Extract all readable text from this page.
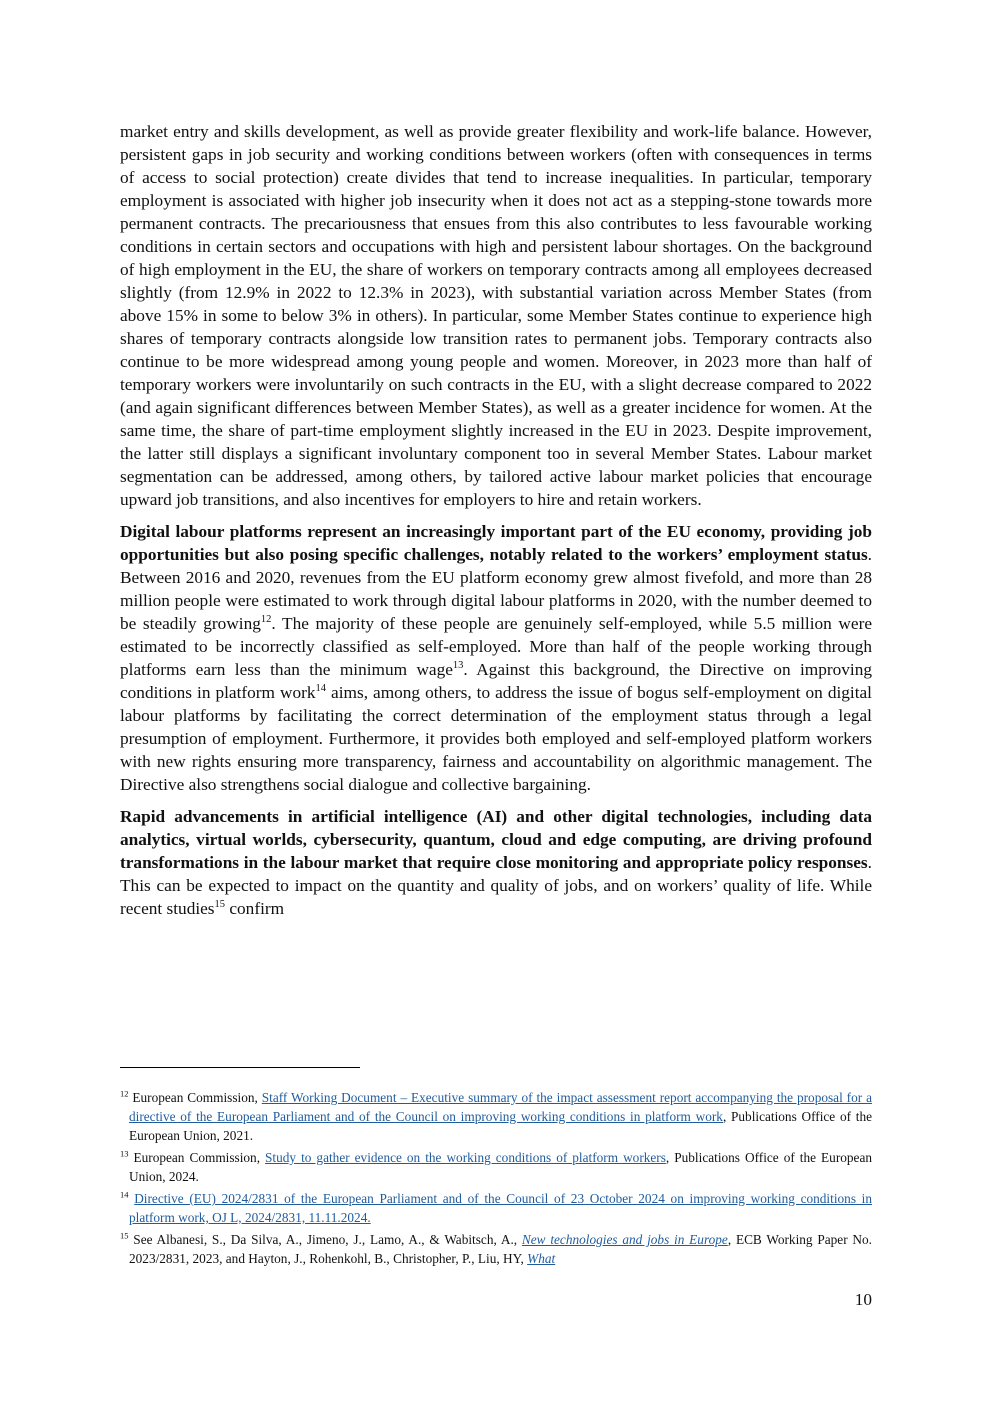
market entry and skills development, as well as provide greater flexibility and work-life balance. However, persistent gaps in job security and working conditions between workers (often with consequences in terms of access to social protection) create divides that tend to increase inequalities. In particular, temporary employment is associated with higher job insecurity when it does not act as a stepping-stone towards more permanent contracts. The precariousness that ensues from this also contributes to less favourable working conditions in certain sectors and occupations with high and persistent labour shortages. On the background of high employment in the EU, the share of workers on temporary contracts among all employees decreased slightly (from 12.9% in 2022 to 12.3% in 2023), with substantial variation across Member States (from above 15% in some to below 3% in others). In particular, some Member States continue to experience high shares of temporary contracts alongside low transition rates to permanent jobs. Temporary contracts also continue to be more widespread among young people and women. Moreover, in 2023 more than half of temporary workers were involuntarily on such contracts in the EU, with a slight decrease compared to 2022 (and again significant differences between Member States), as well as a greater incidence for women. At the same time, the share of part-time employment slightly increased in the EU in 2023. Despite improvement, the latter still displays a significant involuntary component too in several Member States. Labour market segmentation can be addressed, among others, by tailored active labour market policies that encourage upward job transitions, and also incentives for employers to hire and retain workers.

Digital labour platforms represent an increasingly important part of the EU economy, providing job opportunities but also posing specific challenges, notably related to the workers’ employment status. Between 2016 and 2020, revenues from the EU platform economy grew almost fivefold, and more than 28 million people were estimated to work through digital labour platforms in 2020, with the number deemed to be steadily growing$^{12}$. The majority of these people are genuinely self-employed, while 5.5 million were estimated to be incorrectly classified as self-employed. More than half of the people working through platforms earn less than the minimum wage$^{13}$. Against this background, the Directive on improving conditions in platform work$^{14}$ aims, among others, to address the issue of bogus self-employment on digital labour platforms by facilitating the correct determination of the employment status through a legal presumption of employment. Furthermore, it provides both employed and self-employed platform workers with new rights ensuring more transparency, fairness and accountability on algorithmic management. The Directive also strengthens social dialogue and collective bargaining.

Rapid advancements in artificial intelligence (AI) and other digital technologies, including data analytics, virtual worlds, cybersecurity, quantum, cloud and edge computing, are driving profound transformations in the labour market that require close monitoring and appropriate policy responses. This can be expected to impact on the quantity and quality of jobs, and on workers’ quality of life. While recent studies$^{15}$ confirm

$^{12}$ European Commission, Staff Working Document – Executive summary of the impact assessment report accompanying the proposal for a directive of the European Parliament and of the Council on improving working conditions in platform work, Publications Office of the European Union, 2021.

$^{13}$ European Commission, Study to gather evidence on the working conditions of platform workers, Publications Office of the European Union, 2024.

$^{14}$ Directive (EU) 2024/2831 of the European Parliament and of the Council of 23 October 2024 on improving working conditions in platform work, OJ L, 2024/2831, 11.11.2024.

$^{15}$ See Albanesi, S., Da Silva, A., Jimeno, J., Lamo, A., & Wabitsch, A., New technologies and jobs in Europe, ECB Working Paper No. 2023/2831, 2023, and Hayton, J., Rohenkohl, B., Christopher, P., Liu, HY, What

10
